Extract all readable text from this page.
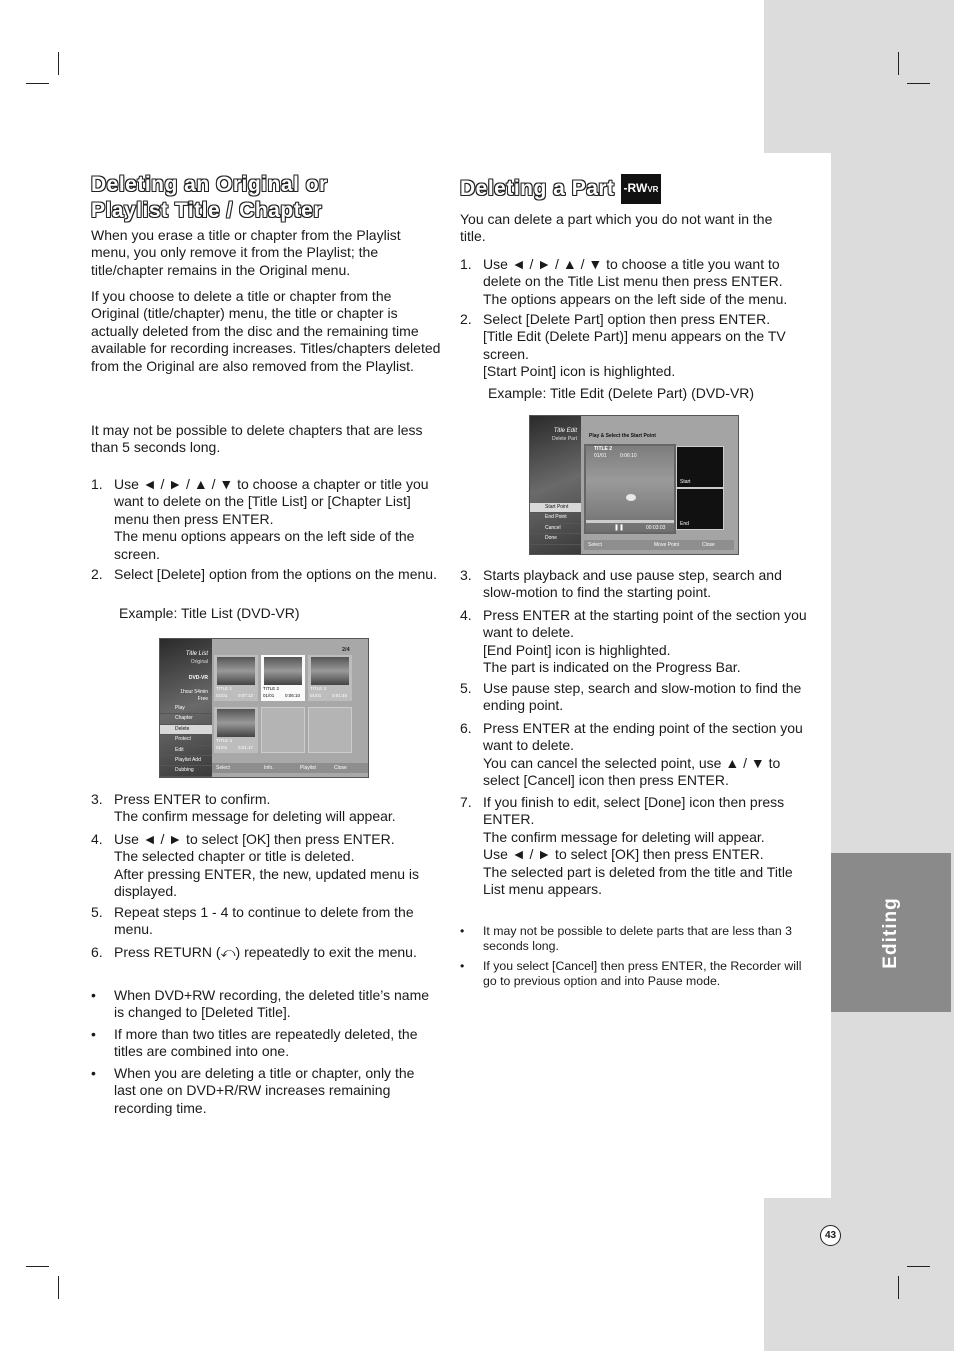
Editing
43
Deleting an Original or
Playlist Title / Chapter
When you erase a title or chapter from the Playlist menu, you only remove it from the Playlist; the title/chapter remains in the Original menu.
If you choose to delete a title or chapter from the Original (title/chapter) menu, the title or chapter is actually deleted from the disc and the remaining time available for recording increases. Titles/chapters deleted from the Original are also removed from the Playlist.
It may not be possible to delete chapters that are less than 5 seconds long.
1. Use ◄ / ► / ▲ / ▼ to choose a chapter or title you want to delete on the [Title List] or [Chapter List] menu then press ENTER.
The menu options appears on the left side of the screen.
2. Select [Delete] option from the options on the menu.
Example: Title List (DVD-VR)
Title List
Original
DVD-VR
1hour 54min
Free
Play
Chapter
Delete
Protect
Edit
Playlist Add
Dubbing
2/4
TITLE 1
01/01 0:07:12
TITLE 2
01/01 0:06:10
TITLE 3
01/01 0:01:45
TITLE 4
01/01 0:21:17
Select	Info.	Playlist	Close
3. Press ENTER to confirm.
The confirm message for deleting will appear.
4. Use ◄ / ► to select [OK] then press ENTER.
The selected chapter or title is deleted.
After pressing ENTER, the new, updated menu is displayed.
5. Repeat steps 1 - 4 to continue to delete from the menu.
6. Press RETURN (⤺) repeatedly to exit the menu.
• When DVD+RW recording, the deleted title’s name is changed to [Deleted Title].
• If more than two titles are repeatedly deleted, the titles are combined into one.
• When you are deleting a title or chapter, only the last one on DVD+R/RW increases remaining recording time.
Deleting a Part -RWVR
You can delete a part which you do not want in the title.
1. Use ◄ / ► / ▲ / ▼ to choose a title you want to delete on the Title List menu then press ENTER.
The options appears on the left side of the menu.
2. Select [Delete Part] option then press ENTER.
[Title Edit (Delete Part)] menu appears on the TV screen.
[Start Point] icon is highlighted.
Example: Title Edit (Delete Part) (DVD-VR)
Title Edit
Delete Part Play & Select the Start Point
TITLE 2
01/01	0:06:10
❚❚	00:03:03
Start
End
Start Point
End Point
Cancel
Done
Select	Move Point	Close
3. Starts playback and use pause step, search and slow-motion to find the starting point.
4. Press ENTER at the starting point of the section you want to delete.
[End Point] icon is highlighted.
The part is indicated on the Progress Bar.
5. Use pause step, search and slow-motion to find the ending point.
6. Press ENTER at the ending point of the section you want to delete.
You can cancel the selected point, use ▲ / ▼ to select [Cancel] icon then press ENTER.
7. If you finish to edit, select [Done] icon then press ENTER.
The confirm message for deleting will appear.
Use ◄ / ► to select [OK] then press ENTER.
The selected part is deleted from the title and Title List menu appears.
• It may not be possible to delete parts that are less than 3 seconds long.
• If you select [Cancel] then press ENTER, the Recorder will go to previous option and into Pause mode.
